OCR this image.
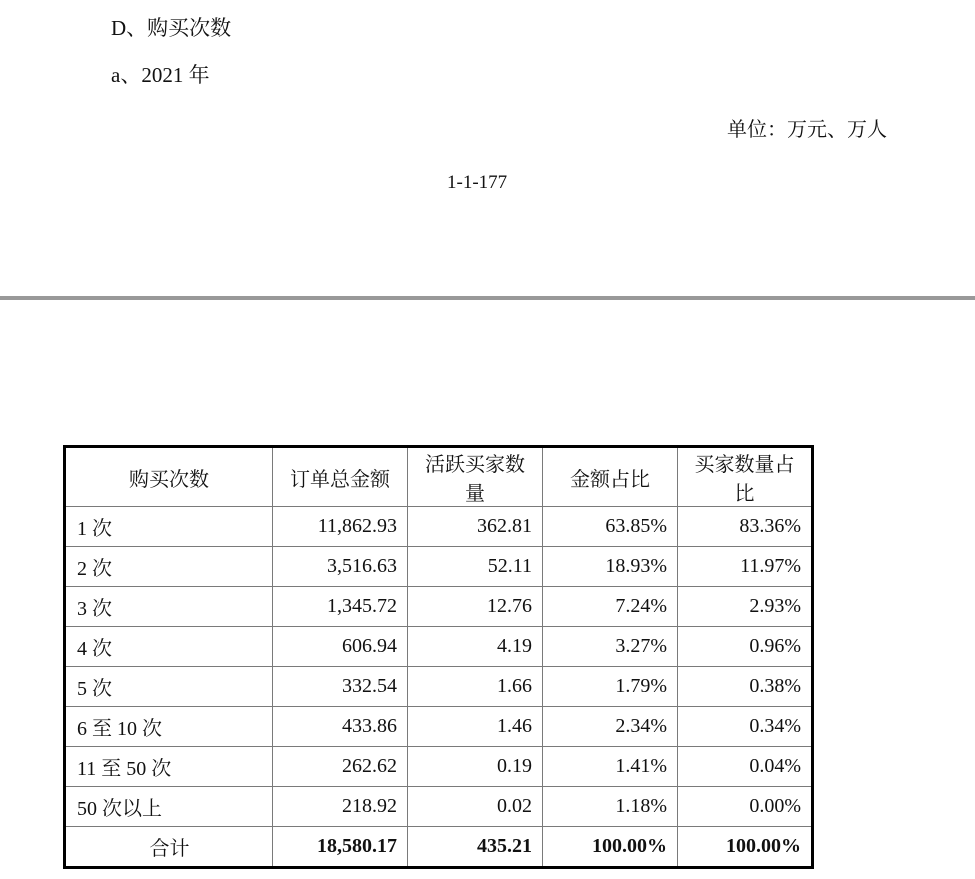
D、购买次数
a、2021 年
单位：万元、万人
1-1-177
购买次数	订单总金额	活跃买家数量	金额占比	买家数量占比
1 次	11,862.93	362.81	63.85%	83.36%
2 次	3,516.63	52.11	18.93%	11.97%
3 次	1,345.72	12.76	7.24%	2.93%
4 次	606.94	4.19	3.27%	0.96%
5 次	332.54	1.66	1.79%	0.38%
6 至 10 次	433.86	1.46	2.34%	0.34%
11 至 50 次	262.62	0.19	1.41%	0.04%
50 次以上	218.92	0.02	1.18%	0.00%
合计	18,580.17	435.21	100.00%	100.00%
